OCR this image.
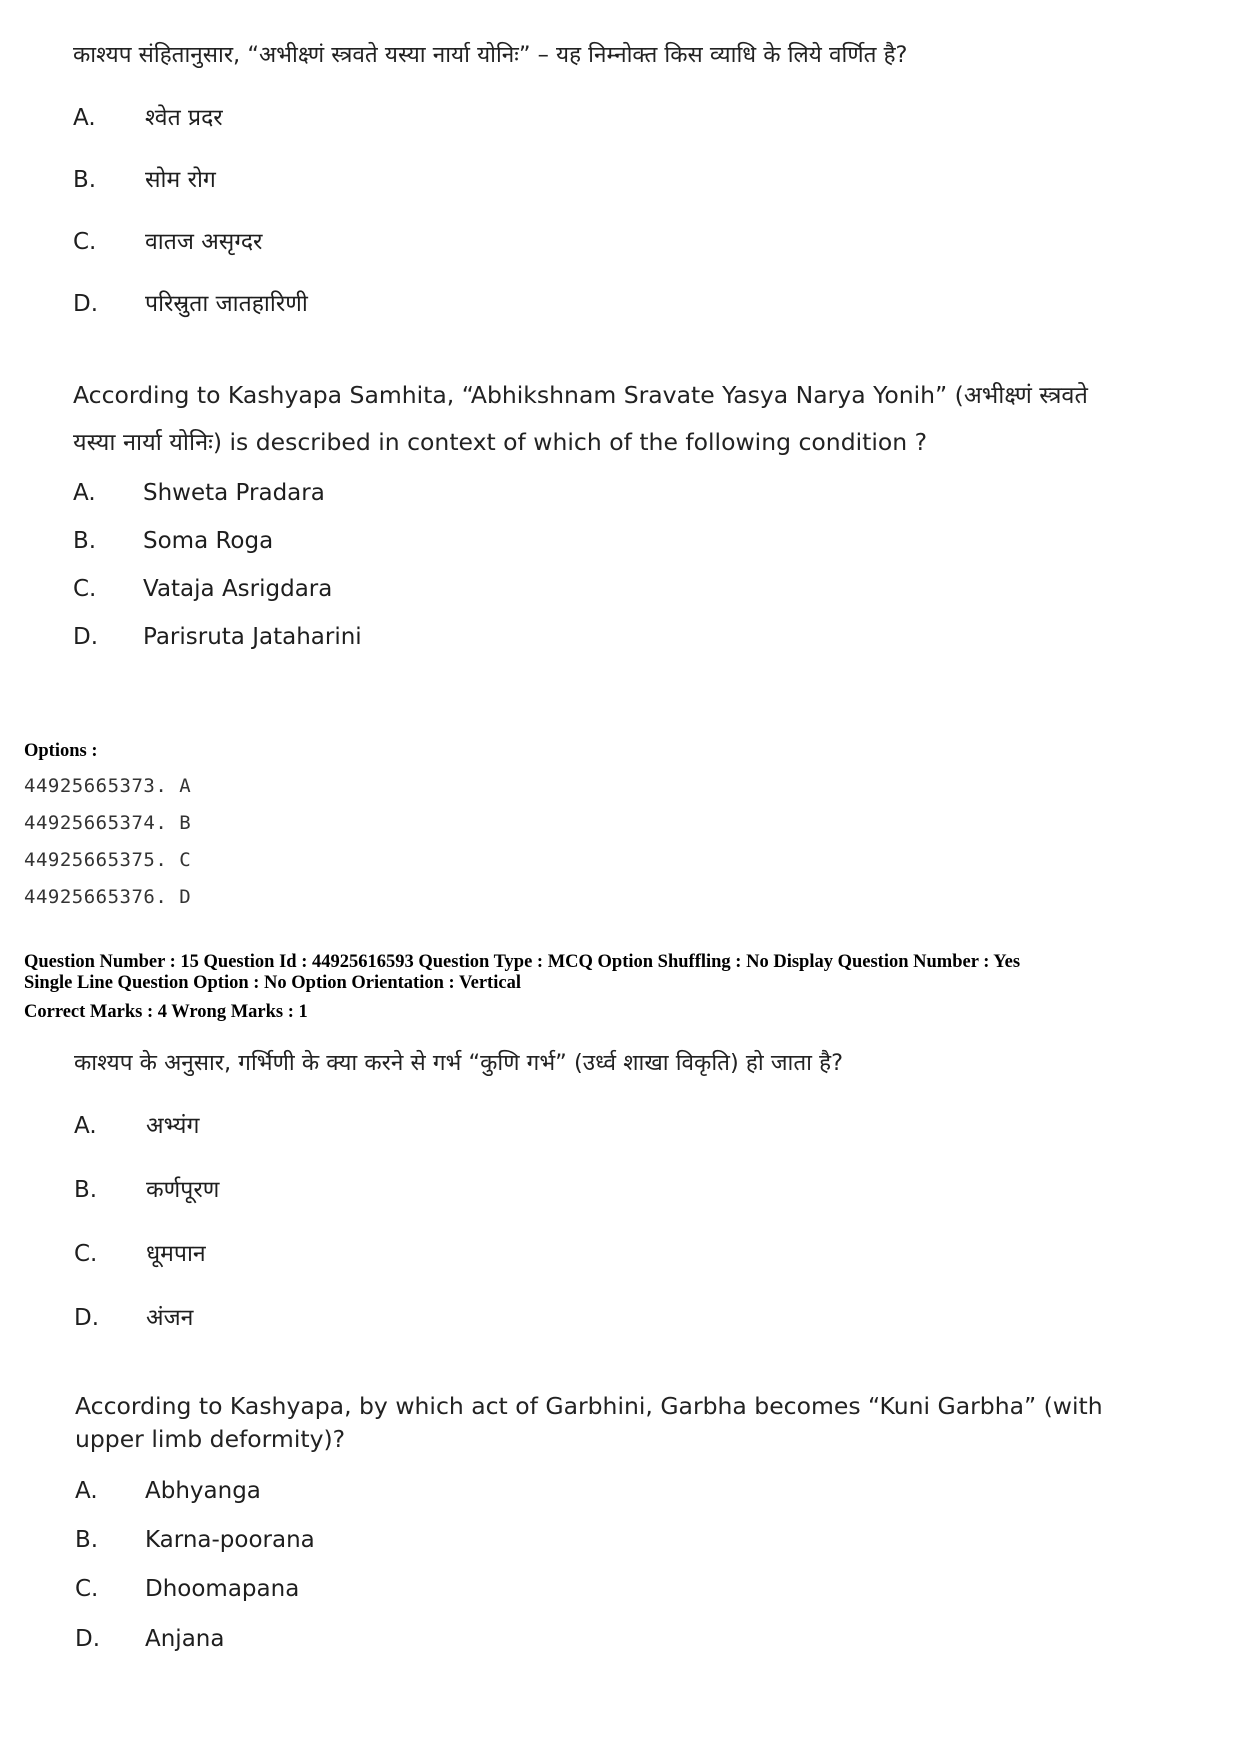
काश्यप संहितानुसार, “अभीक्ष्णं स्त्रवते यस्या नार्या योनिः” – यह निम्नोक्त किस व्याधि के लिये वर्णित है?

A.	श्वेत प्रदर
B.	सोम रोग
C.	वातज असृग्दर
D.	परिस्रुता जातहारिणी

According to Kashyapa Samhita, “Abhikshnam Sravate Yasya Narya Yonih” (अभीक्ष्णं स्त्रवते

यस्या नार्या योनिः) is described in context of which of the following condition ?

A.	Shweta Pradara
B.	Soma Roga
C.	Vataja Asrigdara
D.	Parisruta Jataharini
Options :
44925665373. A
44925665374. B
44925665375. C
44925665376. D
Question Number : 15 Question Id : 44925616593 Question Type : MCQ Option Shuffling : No Display Question Number : Yes
Single Line Question Option : No Option Orientation : Vertical
Correct Marks : 4 Wrong Marks : 1

काश्यप के अनुसार, गर्भिणी के क्या करने से गर्भ “कुणि गर्भ” (उर्ध्व शाखा विकृति) हो जाता है?

A.	अभ्यंग
B.	कर्णपूरण
C.	धूमपान
D.	अंजन

According to Kashyapa, by which act of Garbhini, Garbha becomes “Kuni Garbha” (with

upper limb deformity)?

A.	Abhyanga
B.	Karna-poorana
C.	Dhoomapana
D.	Anjana
